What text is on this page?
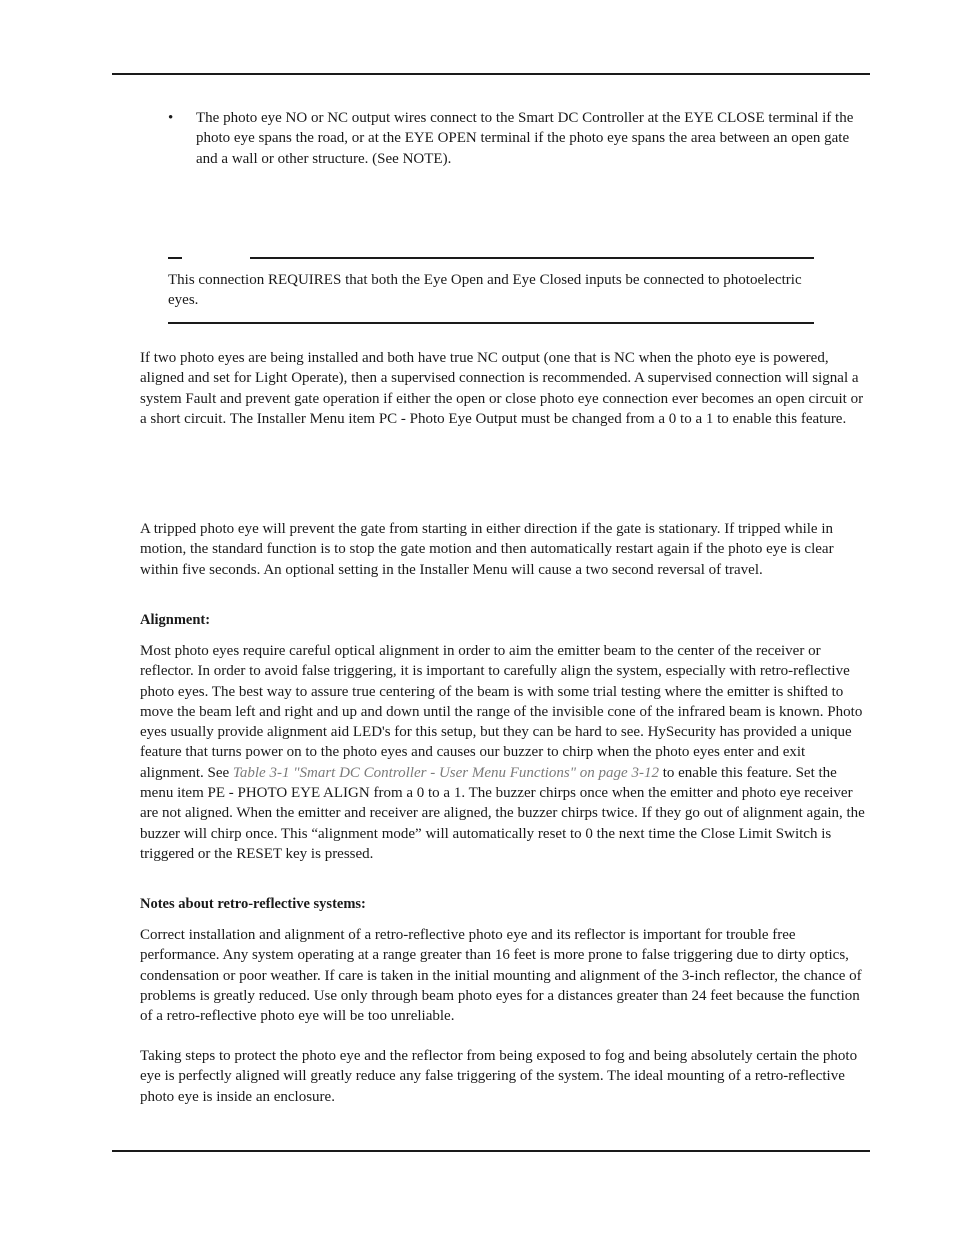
• The photo eye NO or NC output wires connect to the Smart DC Controller at the EYE CLOSE terminal if the photo eye spans the road, or at the EYE OPEN terminal if the photo eye spans the area between an open gate and a wall or other structure. (See NOTE).

This connection REQUIRES that both the Eye Open and Eye Closed inputs be connected to photoelectric eyes.

If two photo eyes are being installed and both have true NC output (one that is NC when the photo eye is powered, aligned and set for Light Operate), then a supervised connection is recommended. A supervised connection will signal a system Fault and prevent gate operation if either the open or close photo eye connection ever becomes an open circuit or a short circuit. The Installer Menu item PC - Photo Eye Output must be changed from a 0 to a 1 to enable this feature.

A tripped photo eye will prevent the gate from starting in either direction if the gate is stationary. If tripped while in motion, the standard function is to stop the gate motion and then automatically restart again if the photo eye is clear within five seconds. An optional setting in the Installer Menu will cause a two second reversal of travel.

Alignment:

Most photo eyes require careful optical alignment in order to aim the emitter beam to the center of the receiver or reflector. In order to avoid false triggering, it is important to carefully align the system, especially with retro-reflective photo eyes. The best way to assure true centering of the beam is with some trial testing where the emitter is shifted to move the beam left and right and up and down until the range of the invisible cone of the infrared beam is known. Photo eyes usually provide alignment aid LED's for this setup, but they can be hard to see. HySecurity has provided a unique feature that turns power on to the photo eyes and causes our buzzer to chirp when the photo eyes enter and exit alignment. See Table 3-1 "Smart DC Controller - User Menu Functions" on page 3-12 to enable this feature. Set the menu item PE - PHOTO EYE ALIGN from a 0 to a 1. The buzzer chirps once when the emitter and photo eye receiver are not aligned. When the emitter and receiver are aligned, the buzzer chirps twice. If they go out of alignment again, the buzzer will chirp once. This “alignment mode” will automatically reset to 0 the next time the Close Limit Switch is triggered or the RESET key is pressed.

Notes about retro-reflective systems:

Correct installation and alignment of a retro-reflective photo eye and its reflector is important for trouble free performance. Any system operating at a range greater than 16 feet is more prone to false triggering due to dirty optics, condensation or poor weather. If care is taken in the initial mounting and alignment of the 3-inch reflector, the chance of problems is greatly reduced. Use only through beam photo eyes for a distances greater than 24 feet because the function of a retro-reflective photo eye will be too unreliable.

Taking steps to protect the photo eye and the reflector from being exposed to fog and being absolutely certain the photo eye is perfectly aligned will greatly reduce any false triggering of the system. The ideal mounting of a retro-reflective photo eye is inside an enclosure.
